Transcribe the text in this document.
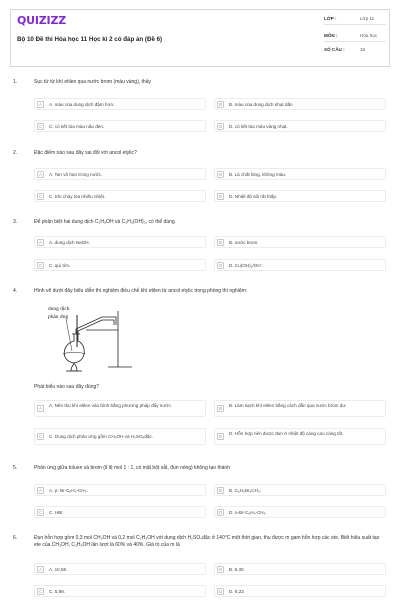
QUIZIZZ
Bộ 10 Đề thi Hóa học 11 Học kì 2 có đáp án (Đề 6)
LỚP :	Lớp 11
MÔN :	Hóa học
SỐ CÂU :	15
1.	Sục từ từ khí etilen qua nước brom (màu vàng), thấy
A	A. màu của dung dịch đậm hơn.	B	B. màu của dung dịch nhạt dần
C	C. có kết tủa màu nâu đen.	D	D. có kết tủa màu vàng nhạt.
2.	Đặc điểm nào sau đây sai đối với ancol etylic?
A	A. Tan vô hạn trong nước.	B	B. Là chất lỏng, không màu.
C	C. Khi cháy tỏa nhiều nhiệt.	D	D. Nhiệt độ sôi rất thấp.
3.	Để phân biệt hai dung dịch C₂H₅OH và C₃H₅(OH)₃, có thể dùng
A	A. dung dịch NaOH.	B	B. nước brom.
C	C. quì tím.	D	D. Cu(OH)₂/OH⁻.
4.	Hình vẽ dưới đây biểu diễn thí nghiệm điều chế khí etilen từ ancol etylic trong phòng thí nghiệm:
dung dịch
phản ứng
Phát biểu nào sau đây đúng?
A
A. Nên thu khí etilen vào bình bằng phương pháp đẩy nước.
B
B. Làm sạch khí etilen bằng cách dẫn qua nước brom dư.
C	C. Dung dịch phản ứng gồm CH₃OH và H₂SO₄đặc.	D
D. Hỗn hợp nên được đun ở nhiệt độ càng cao càng tốt.
5.	Phản ứng giữa toluen và brom (tỉ lệ mol 1 : 1, có mặt bột sắt, đun nóng) không tạo thành
A	A. p- Br-C₆H₄-CH₃.	B	B. C₆H₅Br₄CH₃.
C	C. HBr.	D	D. o-Br-C₆H₄-CH₃.
6.	Đun hỗn hợp gồm 0,3 mol CH₃OH và 0,2 mol C₂H₅OH với dung dịch H₂SO₄đặc ở 140°C một thời gian, thu được m gam hỗn hợp các ete. Biết hiệu suất tạo ete của CH₃OH, C₂H₅OH lần lượt là 60% và 40%. Giá trị của m là
A	A. 10,56.	B	B. 6,30.
C	C. 5,88.	D	D. 8,22.
